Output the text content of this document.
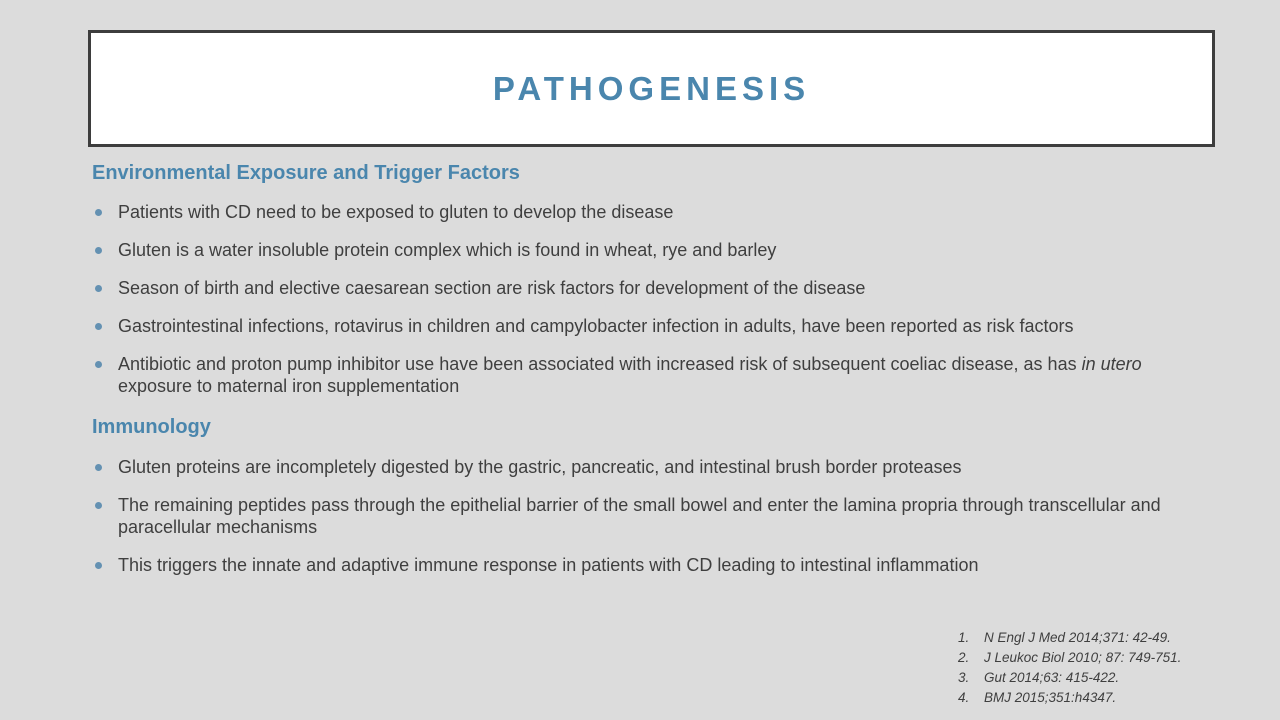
PATHOGENESIS
Environmental Exposure and Trigger Factors
Patients with CD need to be exposed to gluten to develop the disease
Gluten is a water insoluble protein complex which is found in wheat, rye and barley
Season of birth and elective caesarean section are risk factors for development of the disease
Gastrointestinal infections, rotavirus in children and campylobacter infection in adults, have been reported as risk factors
Antibiotic and proton pump inhibitor use have been associated with increased risk of subsequent coeliac disease, as has in utero exposure to maternal iron supplementation
Immunology
Gluten proteins are incompletely digested by the gastric, pancreatic, and intestinal brush border proteases
The remaining peptides pass through the epithelial barrier of the small bowel and enter the lamina propria through transcellular and paracellular mechanisms
This triggers the innate and adaptive immune response in patients with CD leading to intestinal inflammation
1.	N Engl J Med 2014;371: 42-49.
2.	J Leukoc Biol 2010; 87: 749-751.
3.	Gut 2014;63: 415-422.
4.	BMJ 2015;351:h4347.
